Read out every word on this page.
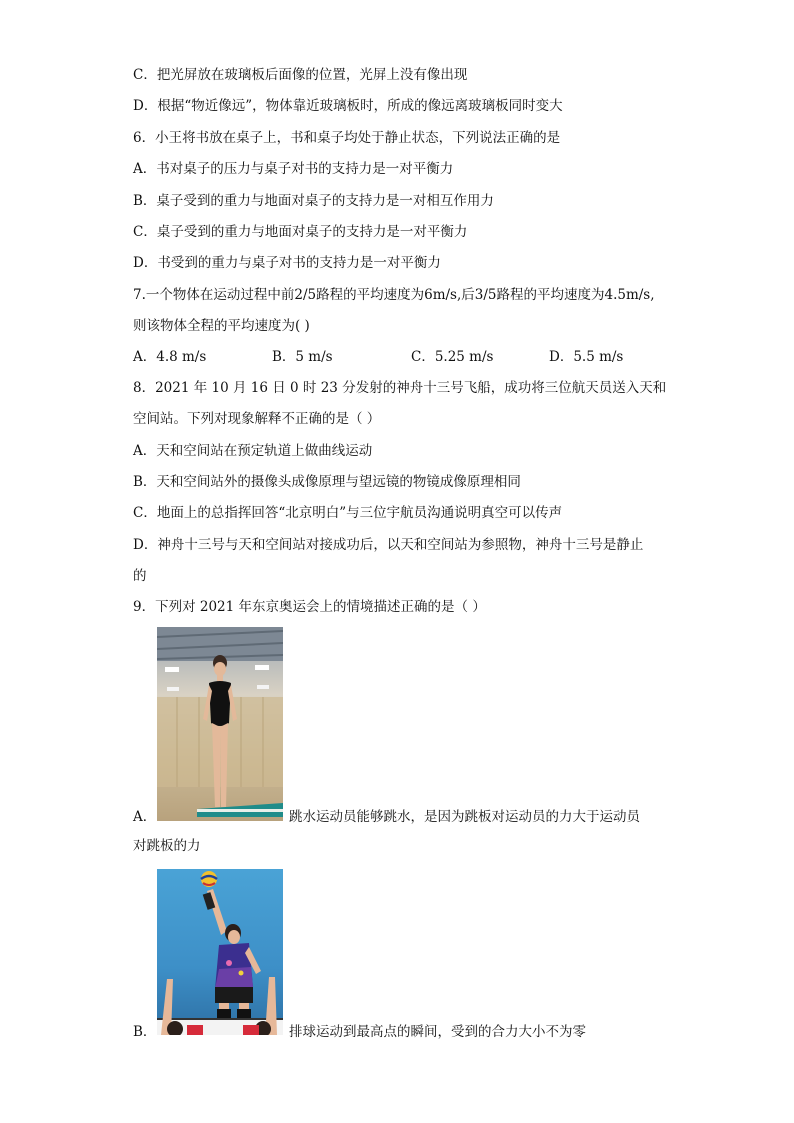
C．把光屏放在玻璃板后面像的位置，光屏上没有像出现
D．根据“物近像远”，物体靠近玻璃板时，所成的像远离玻璃板同时变大
6．小王将书放在桌子上，书和桌子均处于静止状态，下列说法正确的是
A．书对桌子的压力与桌子对书的支持力是一对平衡力
B．桌子受到的重力与地面对桌子的支持力是一对相互作用力
C．桌子受到的重力与地面对桌子的支持力是一对平衡力
D．书受到的重力与桌子对书的支持力是一对平衡力
7.一个物体在运动过程中前2/5路程的平均速度为6m/s,后3/5路程的平均速度为4.5m/s,
则该物体全程的平均速度为( )
A．4.8 m/s	B．5 m/s	C．5.25 m/s	D．5.5 m/s
8．2021 年 10 月 16 日 0 时 23 分发射的神舟十三号飞船，成功将三位航天员送入天和
空间站。下列对现象解释不正确的是（ ）
A．天和空间站在预定轨道上做曲线运动
B．天和空间站外的摄像头成像原理与望远镜的物镜成像原理相同
C．地面上的总指挥回答“北京明白”与三位宇航员沟通说明真空可以传声
D．神舟十三号与天和空间站对接成功后，以天和空间站为参照物，神舟十三号是静止
的
9．下列对 2021 年东京奥运会上的情境描述正确的是（ ）
A．	跳水运动员能够跳水，是因为跳板对运动员的力大于运动员
对跳板的力
B．	排球运动到最高点的瞬间，受到的合力大小不为零
